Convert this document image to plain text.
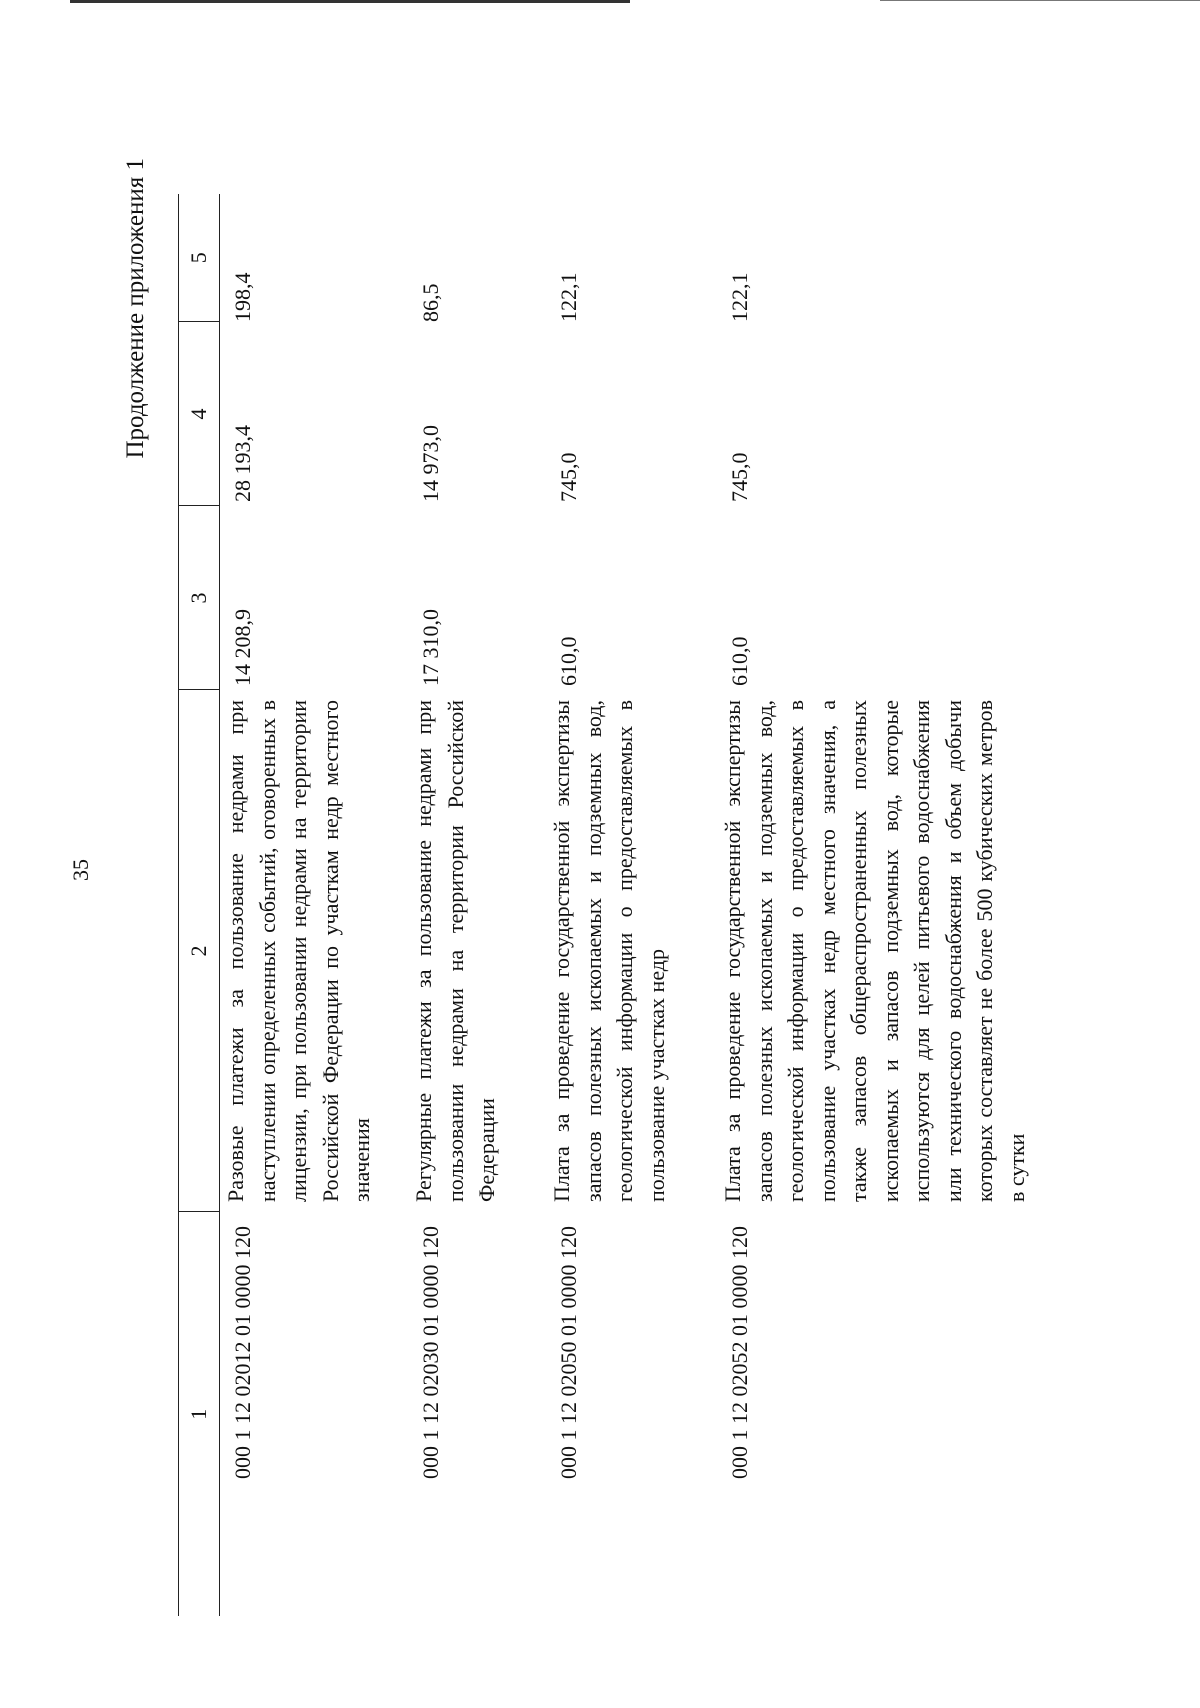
35
Продолжение приложения 1
1	2	3	4	5
000 1 12 02012 01 0000 120	Разовые платежи за пользование недрами при наступлении определенных событий, оговоренных в лицензии, при пользовании недрами на территории Российской Федерации по участкам недр местного значения	14 208,9	28 193,4	198,4
000 1 12 02030 01 0000 120	Регулярные платежи за пользование недрами при пользовании недрами на территории Российской Федерации	17 310,0	14 973,0	86,5
000 1 12 02050 01 0000 120	Плата за проведение государственной экспертизы запасов полезных ископаемых и подземных вод, геологической информации о предоставляемых в пользование участках недр	610,0	745,0	122,1
000 1 12 02052 01 0000 120	Плата за проведение государственной экспертизы запасов полезных ископаемых и подземных вод, геологической информации о предоставляемых в пользование участках недр местного значения, а также запасов общераспространенных полезных ископаемых и запасов подземных вод, которые используются для целей питьевого водоснабжения или технического водоснабжения и объем добычи которых составляет не более 500 кубических метров в сутки	610,0	745,0	122,1
